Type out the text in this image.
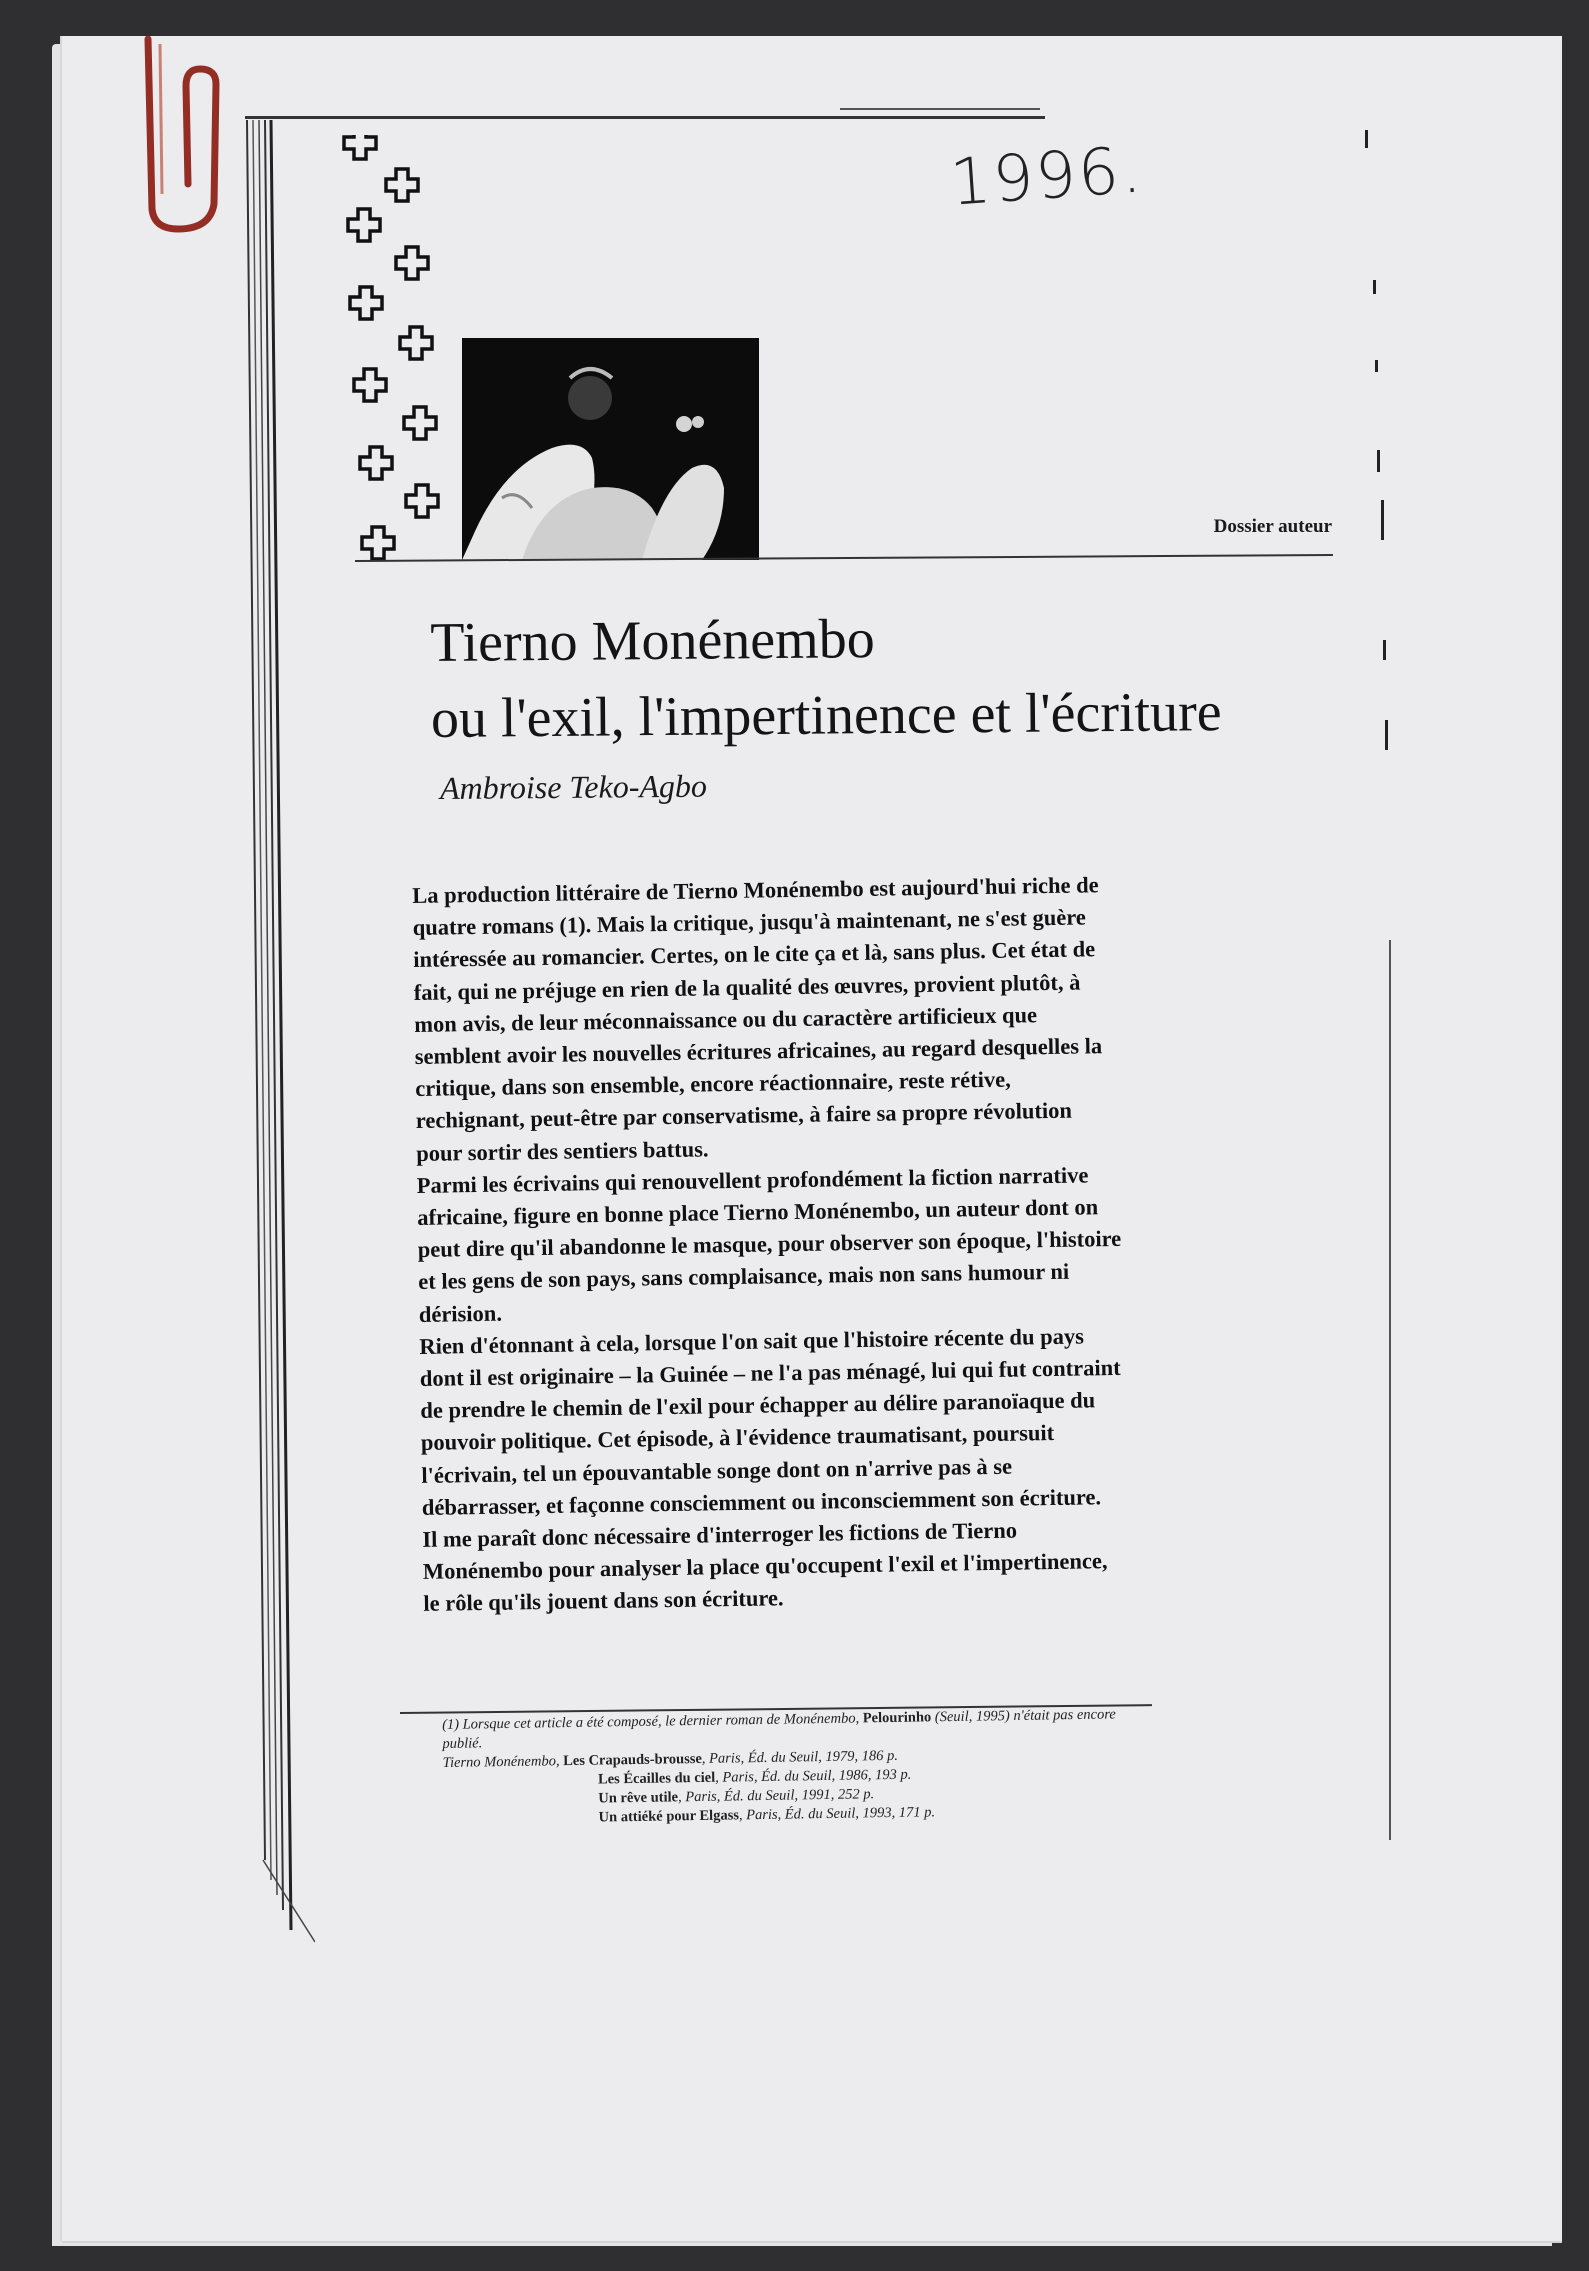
1996.
Dossier auteur
Tierno Monénembo
ou l'exil, l'impertinence et l'écriture
Ambroise Teko-Agbo

La production littéraire de Tierno Monénembo est aujourd'hui riche de quatre romans (1). Mais la critique, jusqu'à maintenant, ne s'est guère intéressée au romancier. Certes, on le cite ça et là, sans plus. Cet état de fait, qui ne préjuge en rien de la qualité des œuvres, provient plutôt, à mon avis, de leur méconnaissance ou du caractère artificieux que semblent avoir les nouvelles écritures africaines, au regard desquelles la critique, dans son ensemble, encore réactionnaire, reste rétive, rechignant, peut-être par conservatisme, à faire sa propre révolution pour sortir des sentiers battus.

Parmi les écrivains qui renouvellent profondément la fiction narrative africaine, figure en bonne place Tierno Monénembo, un auteur dont on peut dire qu'il abandonne le masque, pour observer son époque, l'histoire et les gens de son pays, sans complaisance, mais non sans humour ni dérision.

Rien d'étonnant à cela, lorsque l'on sait que l'histoire récente du pays dont il est originaire – la Guinée – ne l'a pas ménagé, lui qui fut contraint de prendre le chemin de l'exil pour échapper au délire paranoïaque du pouvoir politique. Cet épisode, à l'évidence traumatisant, poursuit l'écrivain, tel un épouvantable songe dont on n'arrive pas à se débarrasser, et façonne consciemment ou inconsciemment son écriture.

Il me paraît donc nécessaire d'interroger les fictions de Tierno Monénembo pour analyser la place qu'occupent l'exil et l'impertinence, le rôle qu'ils jouent dans son écriture.

(1) Lorsque cet article a été composé, le dernier roman de Monénembo, Pelourinho (Seuil, 1995) n'était pas encore publié.
Tierno Monénembo, Les Crapauds-brousse, Paris, Éd. du Seuil, 1979, 186 p.
Les Écailles du ciel, Paris, Éd. du Seuil, 1986, 193 p.
Un rêve utile, Paris, Éd. du Seuil, 1991, 252 p.
Un attiéké pour Elgass, Paris, Éd. du Seuil, 1993, 171 p.
